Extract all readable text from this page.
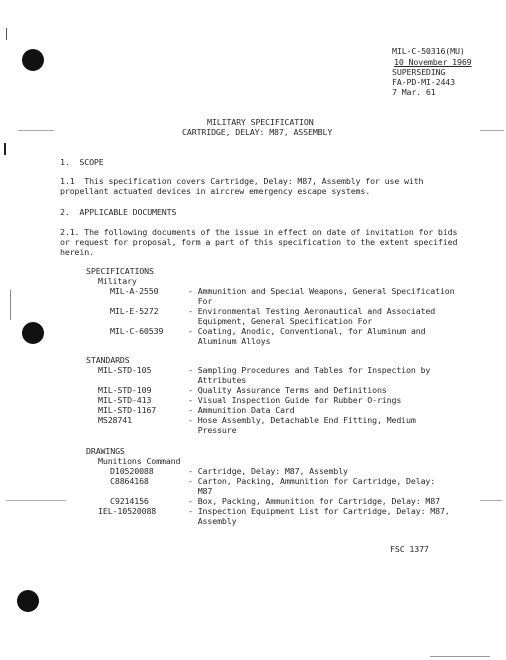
MIL-C-50316(MU)
10 November 1969
SUPERSEDING
FA-PD-MI-2443
7 Mar. 61
MILITARY SPECIFICATION
CARTRIDGE, DELAY: M87, ASSEMBLY
1.  SCOPE
1.1  This specification covers Cartridge, Delay: M87, Assembly for use with
propellant actuated devices in aircrew emergency escape systems.
2.  APPLICABLE DOCUMENTS
2.1. The following documents of the issue in effect on date of invitation for bids
or request for proposal, form a part of this specification to the extent specified
herein.
SPECIFICATIONS
Military
MIL-A-2550	- Ammunition and Special Weapons, General Specification
For
MIL-E-5272	- Environmental Testing Aeronautical and Associated
Equipment, General Specification For
MIL-C-60539	- Coating, Anodic, Conventional, for Aluminum and
Aluminum Alloys
STANDARDS
MIL-STD-105	- Sampling Procedures and Tables for Inspection by
Attributes
MIL-STD-109	- Quality Assurance Terms and Definitions
MIL-STD-413	- Visual Inspection Guide for Rubber O-rings
MIL-STD-1167	- Ammunition Data Card
MS28741	- Hose Assembly, Detachable End Fitting, Medium
Pressure
DRAWINGS
Munitions Command
D10520088	- Cartridge, Delay: M87, Assembly
C8864168	- Carton, Packing, Ammunition for Cartridge, Delay:
M87
C9214156	- Box, Packing, Ammunition for Cartridge, Delay: M87
IEL-10520088	- Inspection Equipment List for Cartridge, Delay: M87,
Assembly
FSC 1377
